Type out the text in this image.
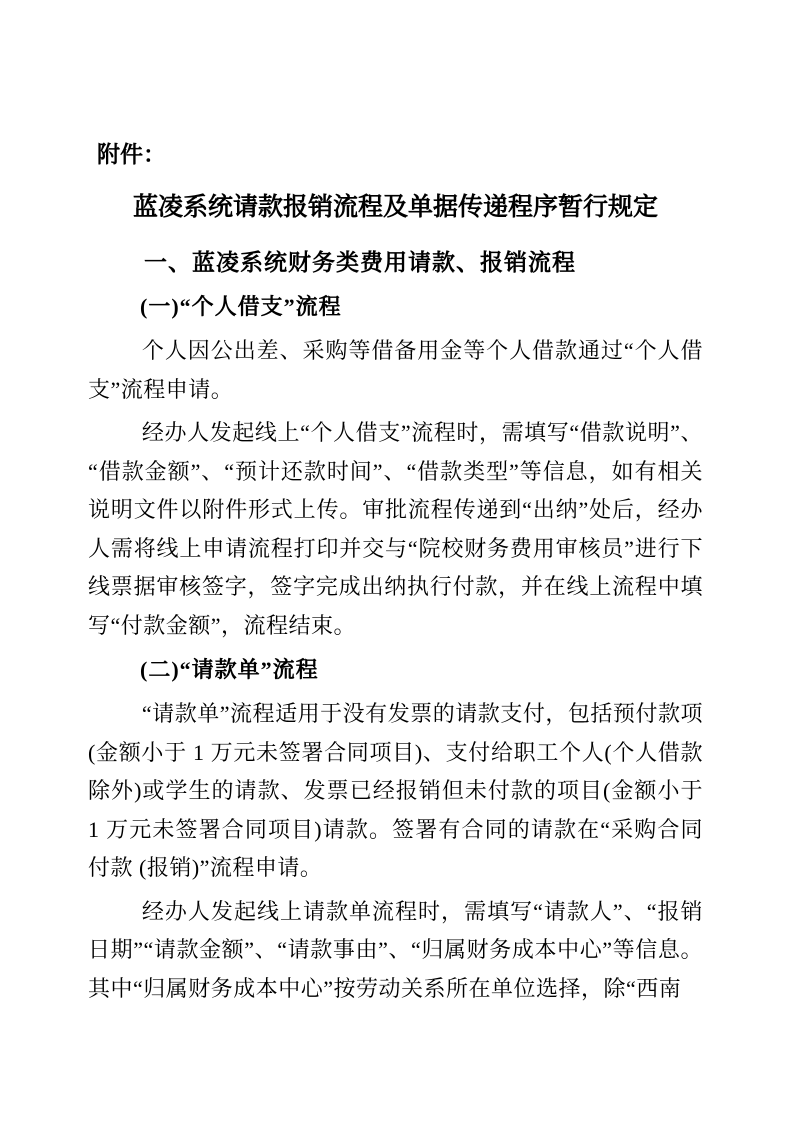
附件：
蓝凌系统请款报销流程及单据传递程序暂行规定
一、蓝凌系统财务类费用请款、报销流程
(一)“个人借支”流程

个人因公出差、采购等借备用金等个人借款通过“个人借支”流程申请。

经办人发起线上“个人借支”流程时，需填写“借款说明”、“借款金额”、“预计还款时间”、“借款类型”等信息，如有相关说明文件以附件形式上传。审批流程传递到“出纳”处后，经办人需将线上申请流程打印并交与“院校财务费用审核员”进行下线票据审核签字，签字完成出纳执行付款，并在线上流程中填写“付款金额”，流程结束。

(二)“请款单”流程

“请款单”流程适用于没有发票的请款支付，包括预付款项(金额小于 1 万元未签署合同项目)、支付给职工个人(个人借款除外)或学生的请款、发票已经报销但未付款的项目(金额小于 1 万元未签署合同项目)请款。签署有合同的请款在“采购合同付款 (报销)”流程申请。

经办人发起线上请款单流程时，需填写“请款人”、“报销日期”“请款金额”、“请款事由”、“归属财务成本中心”等信息。其中“归属财务成本中心”按劳动关系所在单位选择，除“西南
